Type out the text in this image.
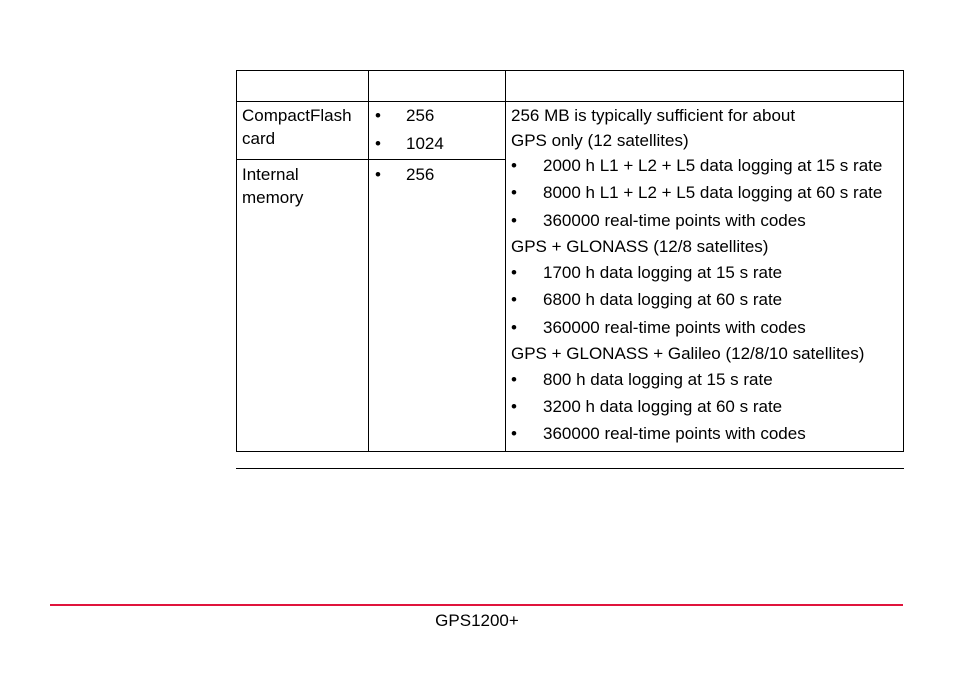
CompactFlash
card
• 256
• 1024
Internal
memory
• 256
256 MB is typically sufficient for about
GPS only (12 satellites)
• 2000 h L1 + L2 + L5 data logging at 15 s rate
• 8000 h L1 + L2 + L5 data logging at 60 s rate
• 360000 real-time points with codes
GPS + GLONASS (12/8 satellites)
• 1700 h data logging at 15 s rate
• 6800 h data logging at 60 s rate
• 360000 real-time points with codes
GPS + GLONASS + Galileo (12/8/10 satellites)
• 800 h data logging at 15 s rate
• 3200 h data logging at 60 s rate
• 360000 real-time points with codes
GPS1200+
